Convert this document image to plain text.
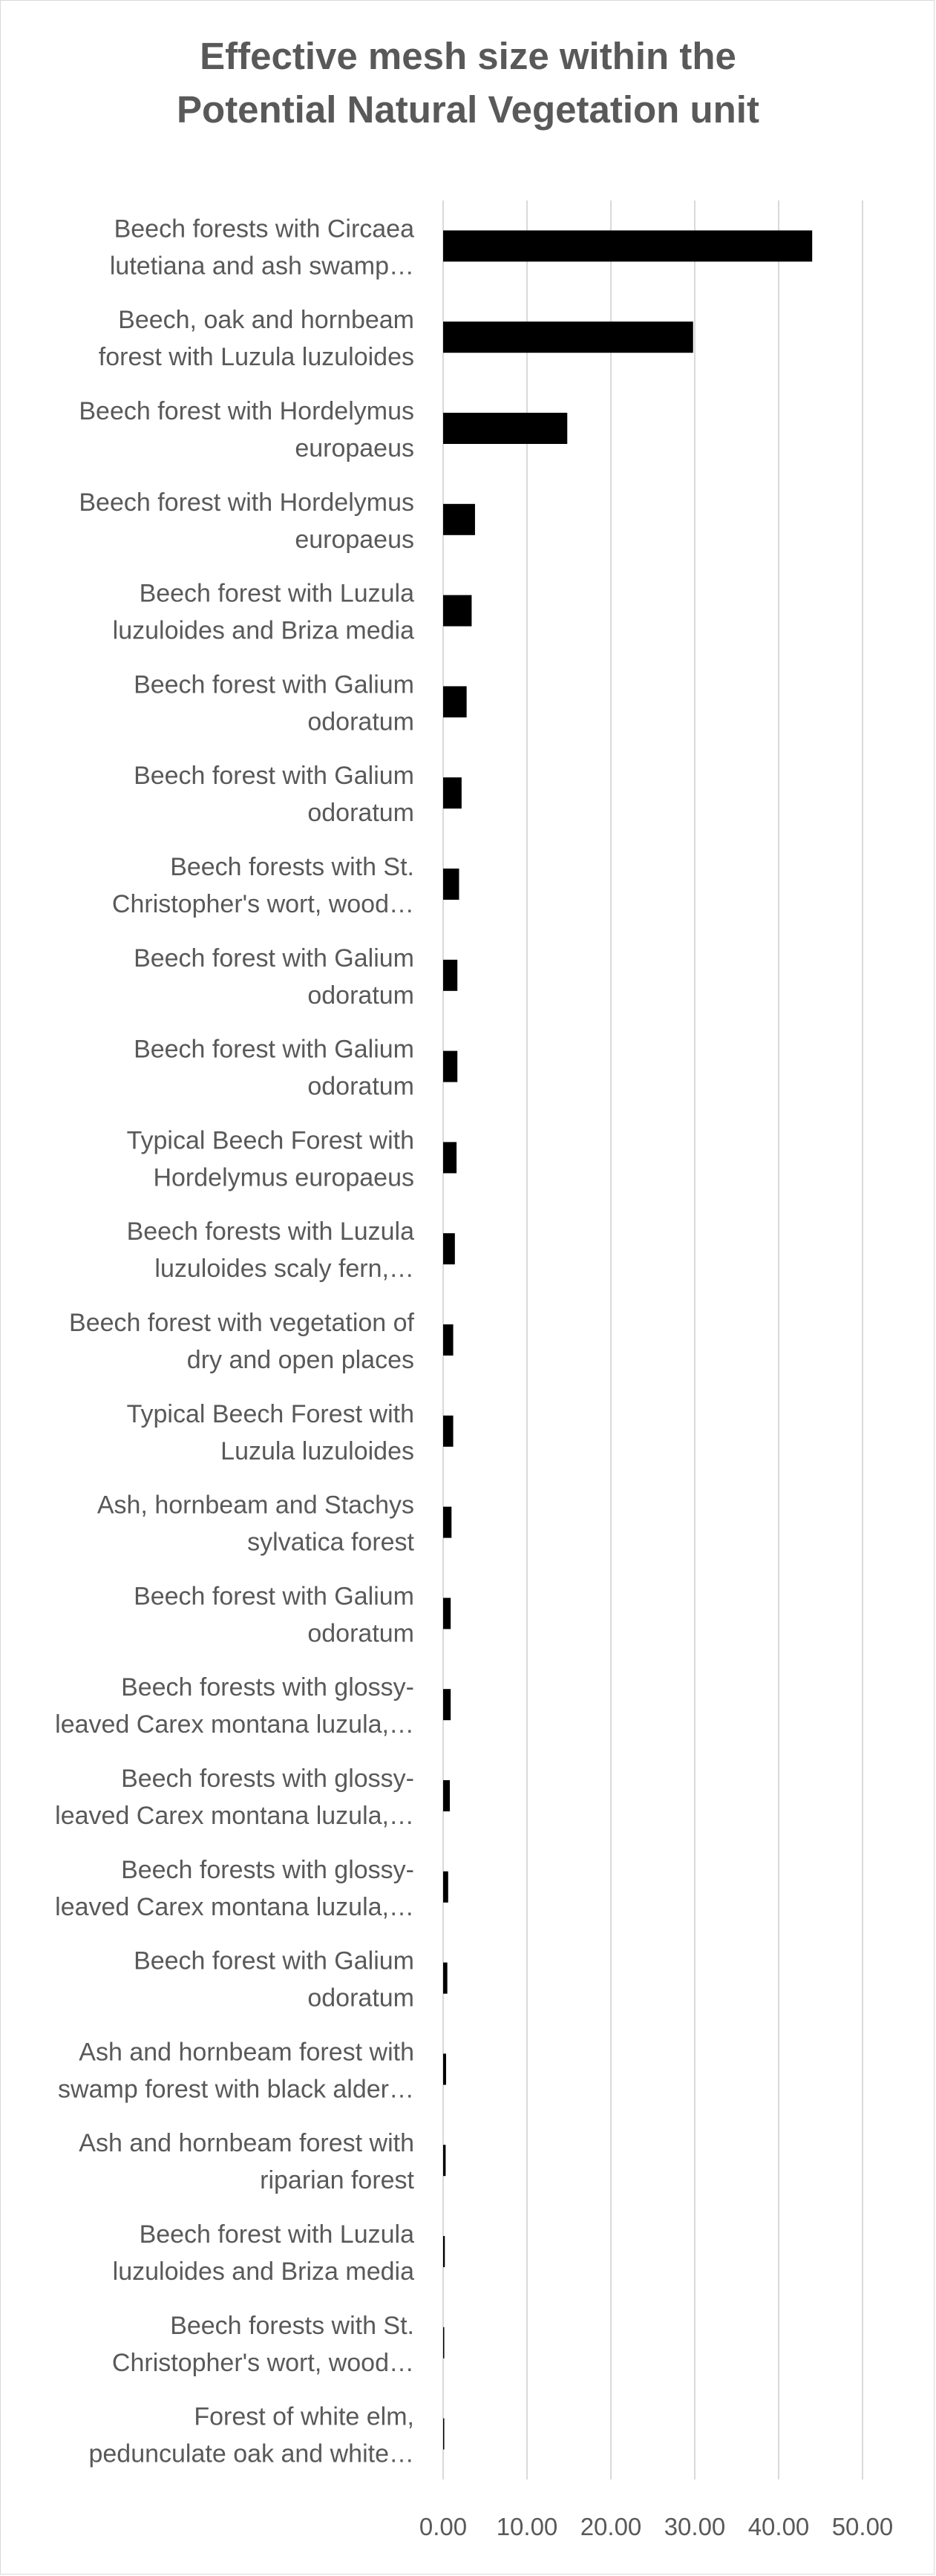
Effective mesh size within the
Potential Natural Vegetation unit
Beech forests with Circaea lutetiana and ash swamp…
Beech, oak and hornbeam forest with Luzula luzuloides
Beech forest with Hordelymus europaeus
Beech forest with Hordelymus europaeus
Beech forest with Luzula luzuloides and Briza media
Beech forest with Galium odoratum
Beech forest with Galium odoratum
Beech forests with St. Christopher's wort, wood…
Beech forest with Galium odoratum
Beech forest with Galium odoratum
Typical Beech Forest with Hordelymus europaeus
Beech forests with Luzula luzuloides scaly fern,…
Beech forest with vegetation of dry and open places
Typical Beech Forest with Luzula luzuloides
Ash, hornbeam and Stachys sylvatica forest
Beech forest with Galium odoratum
Beech forests with glossy-leaved Carex montana luzula,…
Beech forests with glossy-leaved Carex montana luzula,…
Beech forests with glossy-leaved Carex montana luzula,…
Beech forest with Galium odoratum
Ash and hornbeam forest with swamp forest with black alder…
Ash and hornbeam forest with riparian forest
Beech forest with Luzula luzuloides and Briza media
Beech forests with St. Christopher's wort, wood…
Forest of white elm, pedunculate oak and white…
0.00 10.00 20.00 30.00 40.00 50.00
